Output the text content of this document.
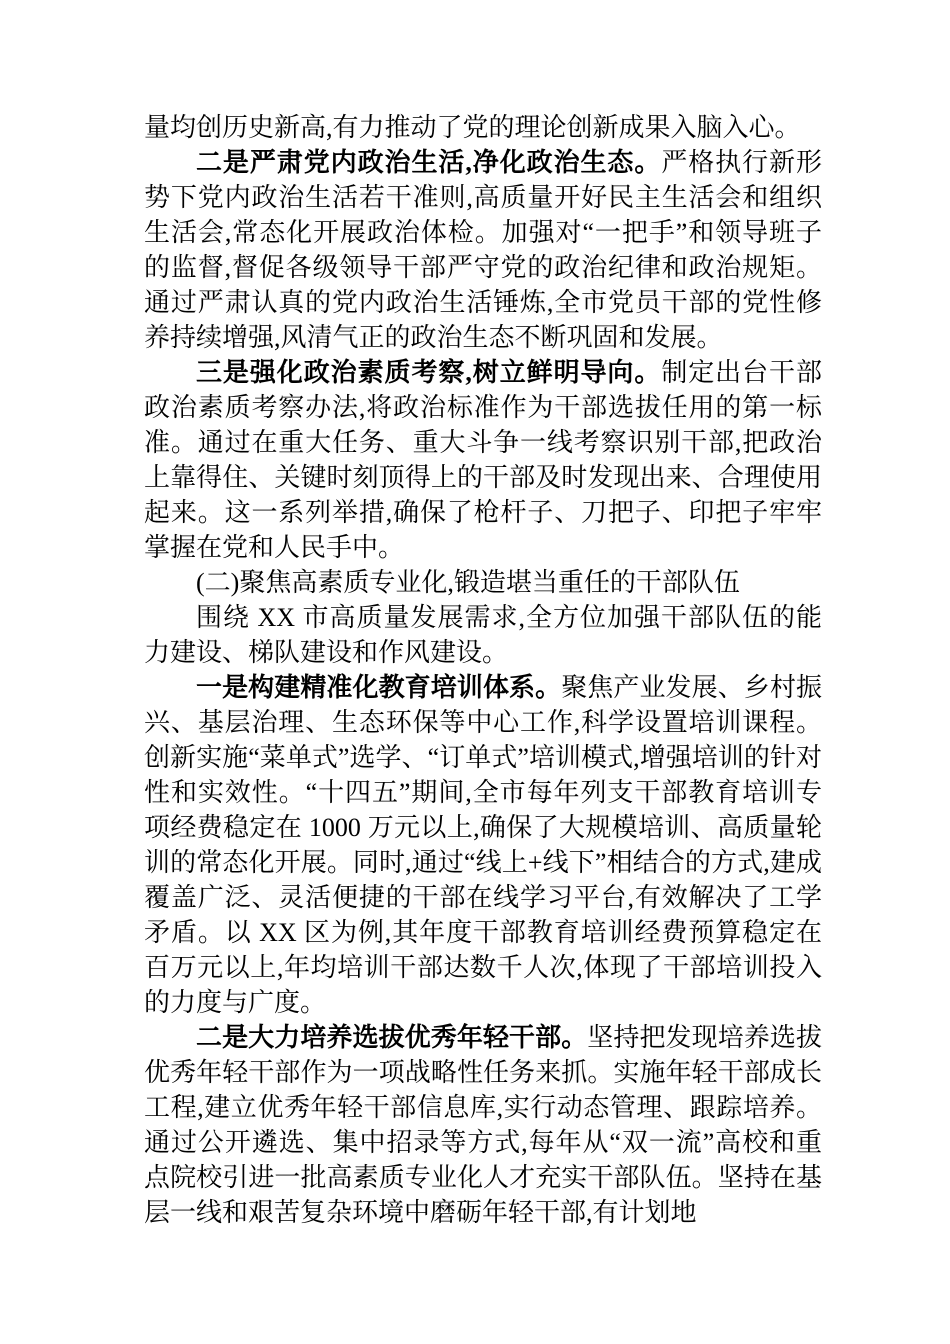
量均创历史新高,有力推动了党的理论创新成果入脑入心。

二是严肃党内政治生活,净化政治生态。严格执行新形势下党内政治生活若干准则,高质量开好民主生活会和组织生活会,常态化开展政治体检。加强对“一把手”和领导班子的监督,督促各级领导干部严守党的政治纪律和政治规矩。通过严肃认真的党内政治生活锤炼,全市党员干部的党性修养持续增强,风清气正的政治生态不断巩固和发展。

三是强化政治素质考察,树立鲜明导向。制定出台干部政治素质考察办法,将政治标准作为干部选拔任用的第一标准。通过在重大任务、重大斗争一线考察识别干部,把政治上靠得住、关键时刻顶得上的干部及时发现出来、合理使用起来。这一系列举措,确保了枪杆子、刀把子、印把子牢牢掌握在党和人民手中。

(二)聚焦高素质专业化,锻造堪当重任的干部队伍

围绕 XX 市高质量发展需求,全方位加强干部队伍的能力建设、梯队建设和作风建设。

一是构建精准化教育培训体系。聚焦产业发展、乡村振兴、基层治理、生态环保等中心工作,科学设置培训课程。创新实施“菜单式”选学、“订单式”培训模式,增强培训的针对性和实效性。“十四五”期间,全市每年列支干部教育培训专项经费稳定在 1000 万元以上,确保了大规模培训、高质量轮训的常态化开展。同时,通过“线上+线下”相结合的方式,建成覆盖广泛、灵活便捷的干部在线学习平台,有效解决了工学矛盾。以 XX 区为例,其年度干部教育培训经费预算稳定在百万元以上,年均培训干部达数千人次,体现了干部培训投入的力度与广度。

二是大力培养选拔优秀年轻干部。坚持把发现培养选拔优秀年轻干部作为一项战略性任务来抓。实施年轻干部成长工程,建立优秀年轻干部信息库,实行动态管理、跟踪培养。通过公开遴选、集中招录等方式,每年从“双一流”高校和重点院校引进一批高素质专业化人才充实干部队伍。坚持在基层一线和艰苦复杂环境中磨砺年轻干部,有计划地
